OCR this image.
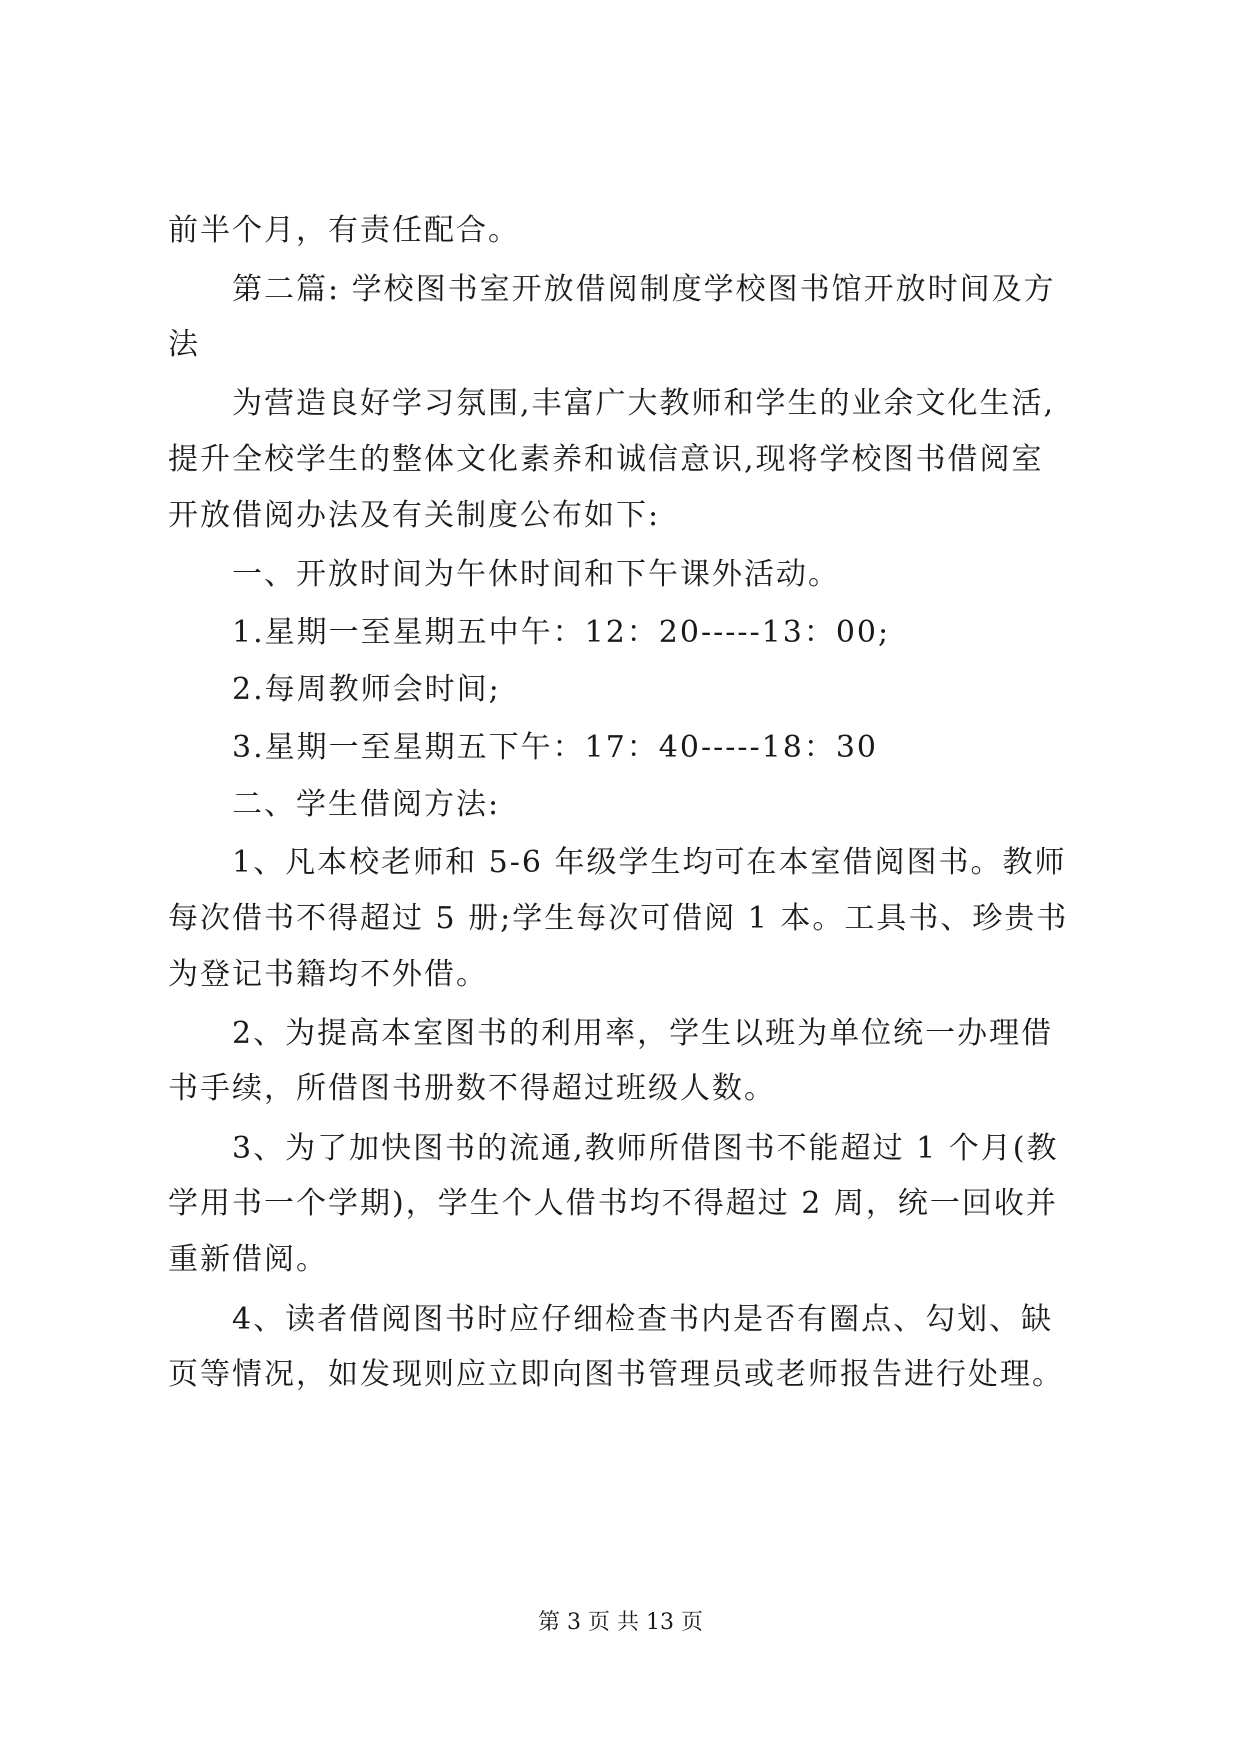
前半个月，有责任配合。
第二篇: 学校图书室开放借阅制度学校图书馆开放时间及方
法
为营造良好学习氛围,丰富广大教师和学生的业余文化生活,
提升全校学生的整体文化素养和诚信意识,现将学校图书借阅室
开放借阅办法及有关制度公布如下:
一、开放时间为午休时间和下午课外活动。
1.星期一至星期五中午：12：20-----13：00;
2.每周教师会时间;
3.星期一至星期五下午：17：40-----18：30
二、学生借阅方法:
1、凡本校老师和 5-6 年级学生均可在本室借阅图书。教师
每次借书不得超过 5 册;学生每次可借阅 1 本。工具书、珍贵书
为登记书籍均不外借。
2、为提高本室图书的利用率，学生以班为单位统一办理借
书手续，所借图书册数不得超过班级人数。
3、为了加快图书的流通,教师所借图书不能超过 1 个月(教
学用书一个学期)，学生个人借书均不得超过 2 周，统一回收并
重新借阅。
4、读者借阅图书时应仔细检查书内是否有圈点、勾划、缺
页等情况，如发现则应立即向图书管理员或老师报告进行处理。
第 3 页 共 13 页
